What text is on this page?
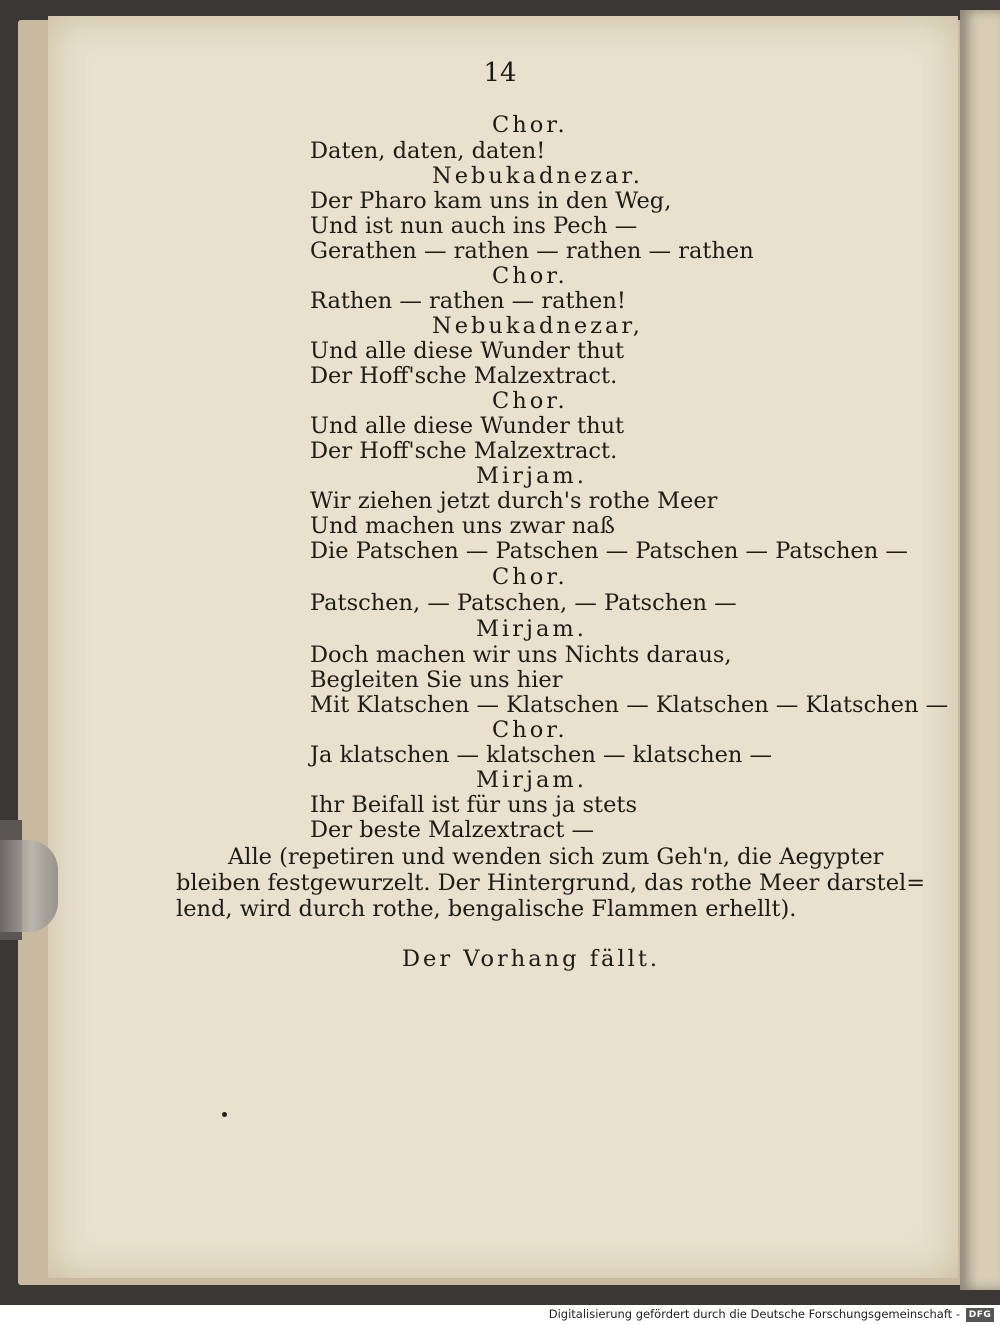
14
Chor.
Daten, daten, daten!
Nebukadnezar.
Der Pharo kam uns in den Weg,
Und ist nun auch ins Pech —
Gerathen — rathen — rathen — rathen
Chor.
Rathen — rathen — rathen!
Nebukadnezar,
Und alle diese Wunder thut
Der Hoff'sche Malzextract.
Chor.
Und alle diese Wunder thut
Der Hoff'sche Malzextract.
Mirjam.
Wir ziehen jetzt durch's rothe Meer
Und machen uns zwar naß
Die Patschen — Patschen — Patschen — Patschen —
Chor.
Patschen, — Patschen, — Patschen —
Mirjam.
Doch machen wir uns Nichts daraus,
Begleiten Sie uns hier
Mit Klatschen — Klatschen — Klatschen — Klatschen —
Chor.
Ja klatschen — klatschen — klatschen —
Mirjam.
Ihr Beifall ist für uns ja stets
Der beste Malzextract —
Alle (repetiren und wenden sich zum Geh'n, die Aegypter
bleiben festgewurzelt. Der Hintergrund, das rothe Meer darstel=
lend, wird durch rothe, bengalische Flammen erhellt).
Der Vorhang fällt.
Digitalisierung gefördert durch die Deutsche Forschungsgemeinschaft - DFG
